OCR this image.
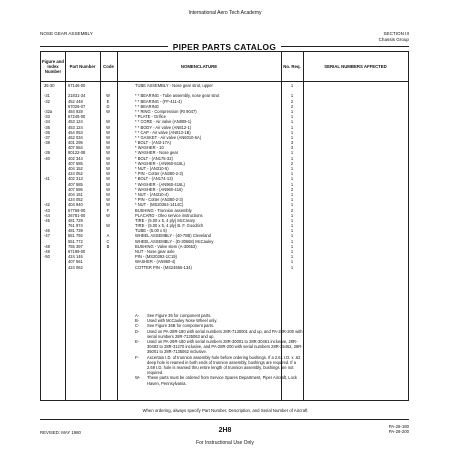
International Aero Tech Academy
NOSE GEAR ASSEMBLY	SECTION III
Chassis Group
PIPER PARTS CATALOG
Figure and Index Number
Part Number	Code	NOMENCLATURE	No. Req.	SERIAL NUMBERS AFFECTED
35-30	67146-00	TUBE ASSEMBLY - Nose gear strut, upper	1
-31	21831-34	W	* * BEARING - Tube assembly, nose gear strut	1
-32	452 448	E	* * BEARING - (FF-411-4)	2
67026-07	D	* * BEARING	2
-32a	484 928	W	* * RING - Compression (RI 9047)	1
-33	67245-00	* PLATE - Orifice	1
-34	453 124	W	* * CORE - Air valve (AN809-1)	1
-35	453 124	W	* * BODY - Air valve (AN812-1)	1
-36	454 053	W	* * CAP - Air valve (AN813-1B)	1
-37	462 034	W	* * GASKET - Air valve (AN6010-6A)	1
-38	401 295	W	* BOLT - (AN3-17A)	3
407 584	W	* WASHER - 10	3
-39	80122-08	W	* WASHER - Nose gear	1
-40	402 344	W	* BOLT - (AN175-32)	1
407 585	W	* WASHER - (AN960-516L)	2
404 152	W	* NUT - (AN310-5)	1
424 052	W	* PIN - Cotter (AN380-2-3)	1
-41	402 313	W	* BOLT - (AN174-13)	1
407 585	W	* WASHER - (AN960-416L)	1
407 586	W	* WASHER - (AN960-416)	2
404 151	W	* NUT - (AN310-4)	1
424 052	W	* PIN - Cotter (AN380-2-3)	1
-42	404 940	W	* NUT - (MS20364-1414C)	1
-43	67758-00	F	BUSHING - Trunnion assembly	2
-44	26781-00	W	PLACARD - Oleo service instructions	1
-45	481 729	TIRE - (5.00 x 5, 4 ply) McCreary	1
761 974	W	TIRE - (5.00 x 5, 4 ply) B. F. Goodrich	1
-46	481 739	TUBE - (5.00 x 5)	1
-47	551 792	A	WHEEL ASSEMBLY - (40-78B) Cleveland	1
551 772	C	WHEEL ASSEMBLY - (D-30668) McCauley	1
-48	755 397	B	BUSHING - Valve stem (A-30653)	1
-49	67199-00	NUT - Nose gear axle	1
-50	424 146	PIN - (MS20392-1C19)	1
407 561	WASHER - (AN960-4)	1
424 052	COTTER PIN - (MS24665-134)	1
A-	See Figure 36 for component parts.
B-	Used with McCauley Nose Wheel only.
C-	See Figure 36B for component parts.
D-	Used on PA-28R-180 with serial numbers 28R-7130001 and up, and PA-28R-200 with serial numbers 28R-7135063 and up.
E-	Used on PA-28R-180 with serial numbers 28R-30001 to 28R-30461 inclusive, 28R-30483 to 28R-31270 inclusive, and PA-28R-200 with serial numbers 28R-35462, 28R-35001 to 28R-7135062 inclusive.
F-	Ascertain I.D. of trunnion assembly hole before ordering bushings. If a 2.61 I.D. x .62 deep hole is reamed in both ends of trunnion assembly, bushings are required. If a 2.69 I.D. hole is reamed thru entire length of trunnion assembly, bushings are not required.
W-	These parts must be ordered from Service Spares Department, Piper Aircraft, Lock Haven, Pennsylvania.
When ordering, always specify Part Number, Description, and Serial Number of Aircraft
REVISED: MAY 1980	2H8
PA-28-180
PA-28-200
For Instructional Use Only
